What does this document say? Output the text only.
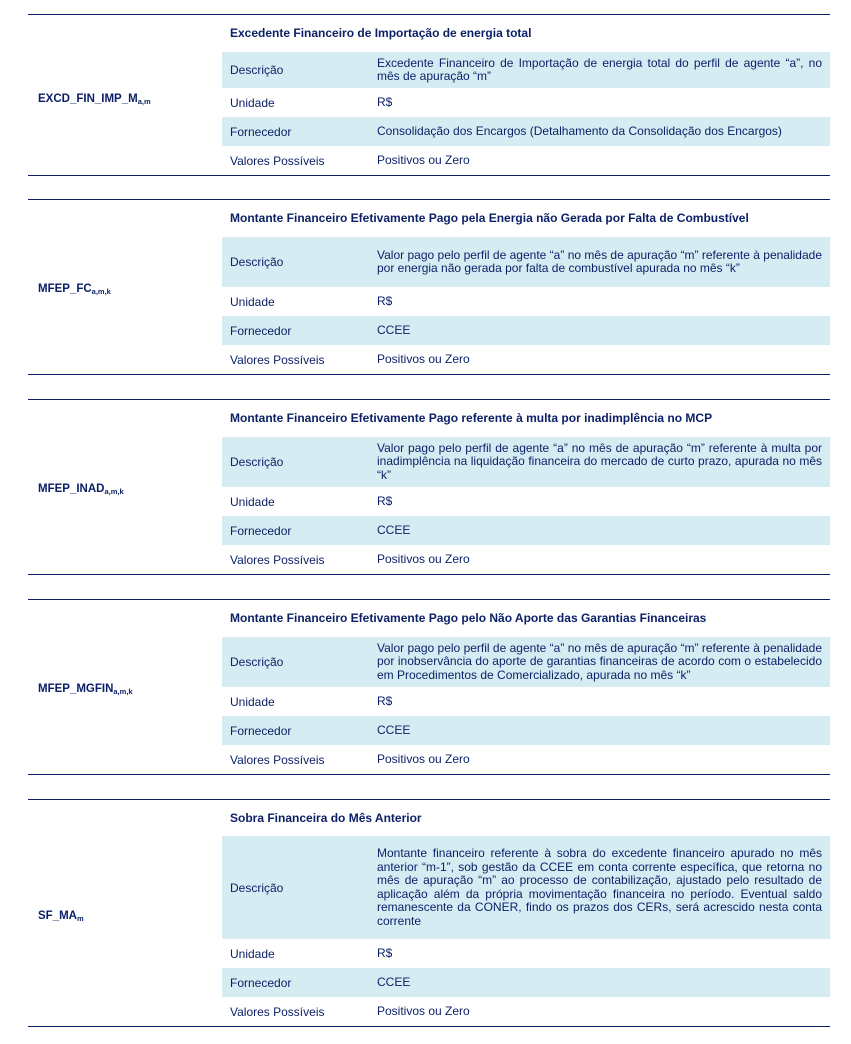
$EXCD\_FIN\_IMP\_M_{a,m}$
Excedente Financeiro de Importação de energia total
Descrição
Excedente Financeiro de Importação de energia total do perfil de agente “a”, no mês de apuração “m”
Unidade	R$
Fornecedor	Consolidação dos Encargos (Detalhamento da Consolidação dos Encargos)
Valores Possíveis	Positivos ou Zero
$MFEP\_FC_{a,m,k}$
Montante Financeiro Efetivamente Pago pela Energia não Gerada por Falta de Combustível
Descrição
Valor pago pelo perfil de agente “a” no mês de apuração “m” referente à penalidade por energia não gerada por falta de combustível apurada no mês “k”
Unidade	R$
Fornecedor	CCEE
Valores Possíveis	Positivos ou Zero
$MFEP\_INAD_{a,m,k}$
Montante Financeiro Efetivamente Pago referente à multa por inadimplência no MCP
Descrição
Valor pago pelo perfil de agente “a” no mês de apuração “m” referente à multa por inadimplência na liquidação financeira do mercado de curto prazo, apurada no mês “k”
Unidade	R$
Fornecedor	CCEE
Valores Possíveis	Positivos ou Zero
$MFEP\_MGFIN_{a,m,k}$
Montante Financeiro Efetivamente Pago pelo Não Aporte das Garantias Financeiras
Descrição
Valor pago pelo perfil de agente “a” no mês de apuração “m” referente à penalidade por inobservância do aporte de garantias financeiras de acordo com o estabelecido em Procedimentos de Comercializado, apurada no mês “k”
Unidade	R$
Fornecedor	CCEE
Valores Possíveis	Positivos ou Zero
$SF\_MA_m$
Sobra Financeira do Mês Anterior
Descrição
Montante financeiro referente à sobra do excedente financeiro apurado no mês anterior “m-1”, sob gestão da CCEE em conta corrente específica, que retorna no mês de apuração “m” ao processo de contabilização, ajustado pelo resultado de aplicação além da própria movimentação financeira no período. Eventual saldo remanescente da CONER, findo os prazos dos CERs, será acrescido nesta conta corrente
Unidade	R$
Fornecedor	CCEE
Valores Possíveis	Positivos ou Zero
